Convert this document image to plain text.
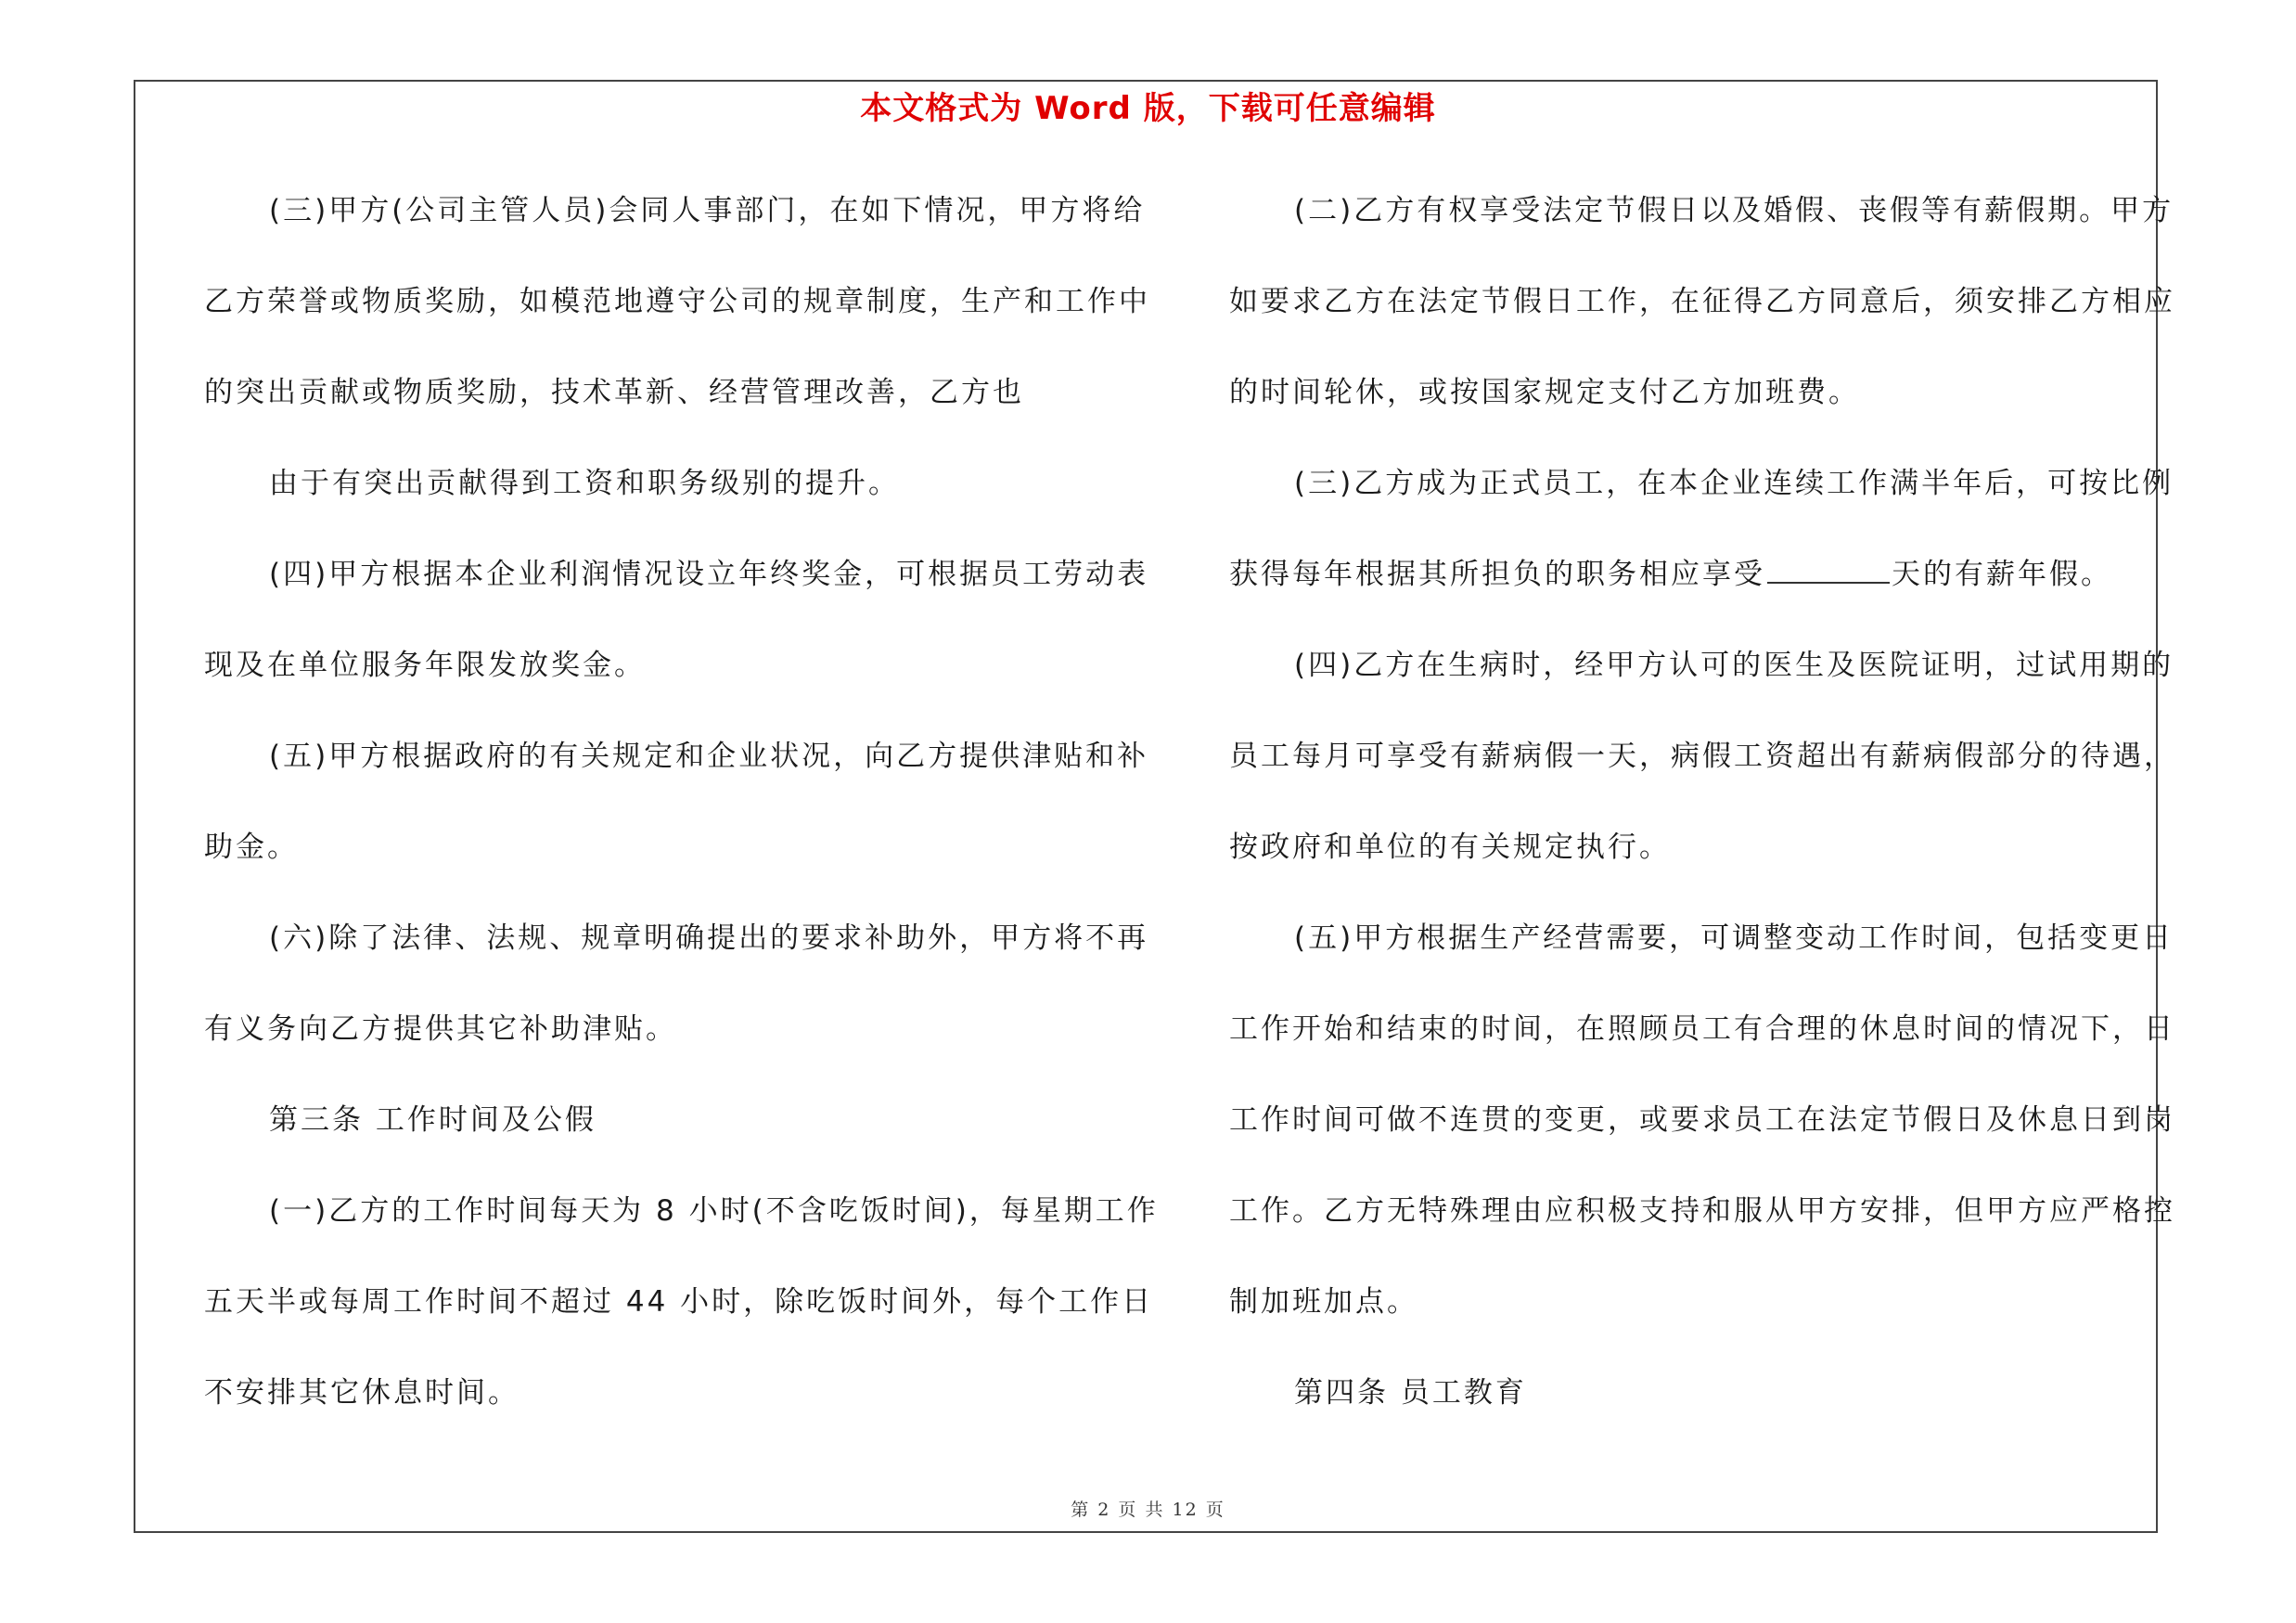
本文格式为 Word 版，下载可任意编辑
(三)甲方(公司主管人员)会同人事部门，在如下情况，甲方将给
乙方荣誉或物质奖励，如模范地遵守公司的规章制度，生产和工作中
的突出贡献或物质奖励，技术革新、经营管理改善，乙方也
由于有突出贡献得到工资和职务级别的提升。
(四)甲方根据本企业利润情况设立年终奖金，可根据员工劳动表
现及在单位服务年限发放奖金。
(五)甲方根据政府的有关规定和企业状况，向乙方提供津贴和补
助金。
(六)除了法律、法规、规章明确提出的要求补助外，甲方将不再
有义务向乙方提供其它补助津贴。
第三条 工作时间及公假
(一)乙方的工作时间每天为 8 小时(不含吃饭时间)，每星期工作
五天半或每周工作时间不超过 44 小时，除吃饭时间外，每个工作日
不安排其它休息时间。
(二)乙方有权享受法定节假日以及婚假、丧假等有薪假期。甲方
如要求乙方在法定节假日工作，在征得乙方同意后，须安排乙方相应
的时间轮休，或按国家规定支付乙方加班费。
(三)乙方成为正式员工，在本企业连续工作满半年后，可按比例
获得每年根据其所担负的职务相应享受	天的有薪年假。
(四)乙方在生病时，经甲方认可的医生及医院证明，过试用期的
员工每月可享受有薪病假一天，病假工资超出有薪病假部分的待遇，
按政府和单位的有关规定执行。
(五)甲方根据生产经营需要，可调整变动工作时间，包括变更日
工作开始和结束的时间，在照顾员工有合理的休息时间的情况下，日
工作时间可做不连贯的变更，或要求员工在法定节假日及休息日到岗
工作。乙方无特殊理由应积极支持和服从甲方安排，但甲方应严格控
制加班加点。
第四条 员工教育
第 2 页 共 12 页
